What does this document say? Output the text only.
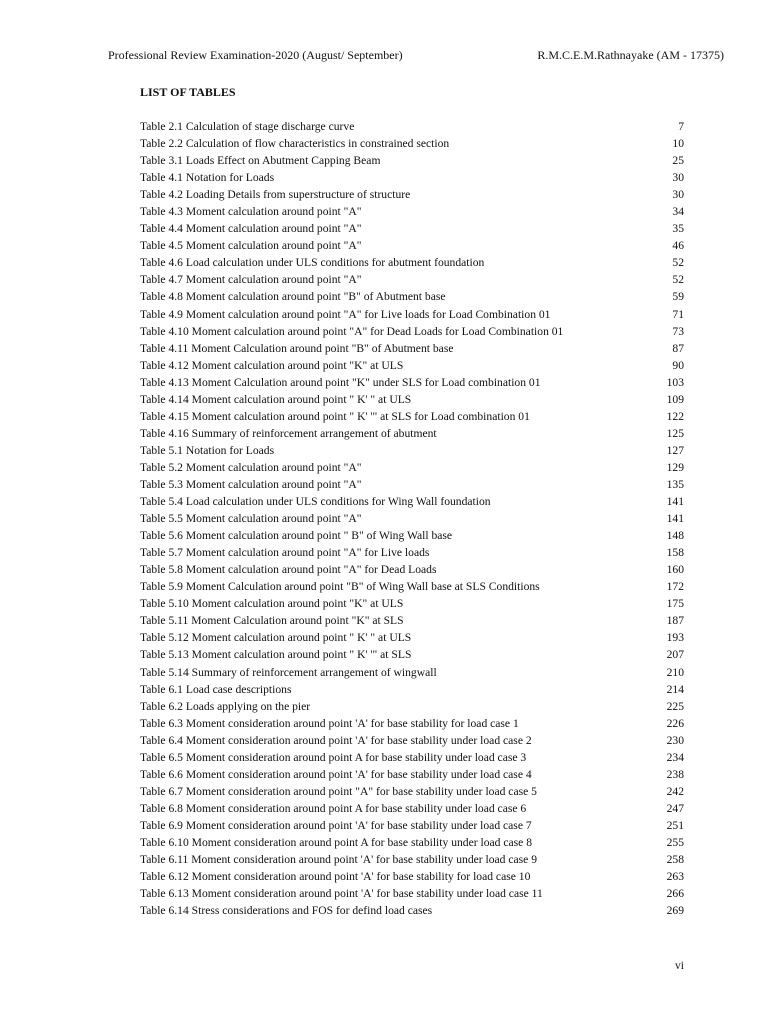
Professional Review Examination-2020 (August/ September)	R.M.C.E.M.Rathnayake (AM - 17375)
LIST OF TABLES
Table 2.1 Calculation of stage discharge curve	7
Table 2.2 Calculation of flow characteristics in constrained section	10
Table 3.1 Loads Effect on Abutment Capping Beam	25
Table 4.1 Notation for Loads	30
Table 4.2 Loading Details from superstructure of structure	30
Table 4.3 Moment calculation around point "A"	34
Table 4.4 Moment calculation around point "A"	35
Table 4.5 Moment calculation around point "A"	46
Table 4.6 Load calculation under ULS conditions for abutment foundation	52
Table 4.7 Moment calculation around point "A"	52
Table 4.8 Moment calculation around point "B" of Abutment base	59
Table 4.9 Moment calculation around point "A" for Live loads for Load Combination 01	71
Table 4.10 Moment calculation around point "A" for Dead Loads for Load Combination 01	73
Table 4.11 Moment Calculation around point "B" of Abutment base	87
Table 4.12 Moment calculation around point "K" at ULS	90
Table 4.13 Moment Calculation around point "K" under SLS for Load combination 01	103
Table 4.14 Moment calculation around point " K' " at ULS	109
Table 4.15 Moment calculation around point " K' '" at SLS for Load combination 01	122
Table 4.16 Summary of reinforcement arrangement of abutment	125
Table 5.1 Notation for Loads	127
Table 5.2 Moment calculation around point "A"	129
Table 5.3 Moment calculation around point "A"	135
Table 5.4 Load calculation under ULS conditions for Wing Wall foundation	141
Table 5.5 Moment calculation around point "A"	141
Table 5.6 Moment calculation around point " B" of Wing Wall base	148
Table 5.7 Moment calculation around point "A" for Live loads	158
Table 5.8 Moment calculation around point "A" for Dead Loads	160
Table 5.9 Moment Calculation around point "B" of Wing Wall base at SLS Conditions	172
Table 5.10 Moment calculation around point "K" at ULS	175
Table 5.11 Moment Calculation around point "K" at SLS	187
Table 5.12 Moment calculation around point " K' " at ULS	193
Table 5.13 Moment calculation around point " K' '" at SLS	207
Table 5.14 Summary of reinforcement arrangement of wingwall	210
Table 6.1 Load case descriptions	214
Table 6.2 Loads applying on the pier	225
Table 6.3 Moment consideration around point 'A' for base stability for load case 1	226
Table 6.4 Moment consideration around point 'A' for base stability under load case 2	230
Table 6.5 Moment consideration around point A for base stability under load case 3	234
Table 6.6 Moment consideration around point 'A' for base stability under load case 4	238
Table 6.7 Moment consideration around point "A" for base stability under load case 5	242
Table 6.8 Moment consideration around point A for base stability under load case 6	247
Table 6.9 Moment consideration around point 'A' for base stability under load case 7	251
Table 6.10 Moment consideration around point A for base stability under load case 8	255
Table 6.11 Moment consideration around point 'A' for base stability under load case 9	258
Table 6.12 Moment consideration around point 'A' for base stability for load case 10	263
Table 6.13 Moment consideration around point 'A' for base stability under load case 11	266
Table 6.14 Stress considerations and FOS for defind load cases	269
vi
